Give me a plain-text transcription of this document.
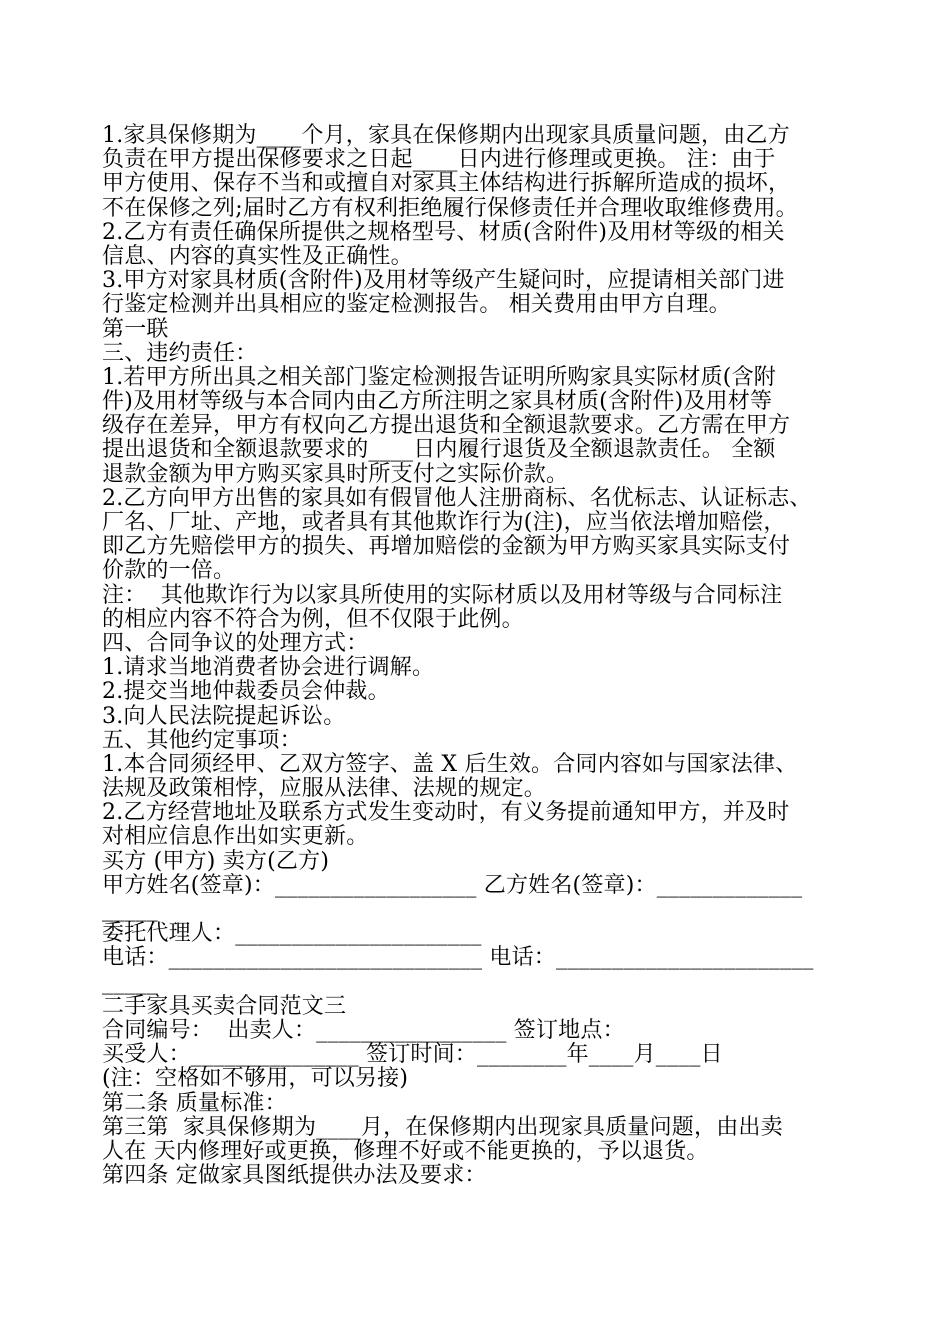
1.家具保修期为____个月，家具在保修期内出现家具质量问题，由乙方
负责在甲方提出保修要求之日起____日内进行修理或更换。 注：由于
甲方使用、保存不当和或擅自对家具主体结构进行拆解所造成的损坏，
不在保修之列;届时乙方有权利拒绝履行保修责任并合理收取维修费用。
2.乙方有责任确保所提供之规格型号、材质(含附件)及用材等级的相关
信息、内容的真实性及正确性。
3.甲方对家具材质(含附件)及用材等级产生疑问时，应提请相关部门进
行鉴定检测并出具相应的鉴定检测报告。 相关费用由甲方自理。
第一联
三、违约责任：
1.若甲方所出具之相关部门鉴定检测报告证明所购家具实际材质(含附
件)及用材等级与本合同内由乙方所注明之家具材质(含附件)及用材等
级存在差异，甲方有权向乙方提出退货和全额退款要求。乙方需在甲方
提出退货和全额退款要求的____日内履行退货及全额退款责任。 全额
退款金额为甲方购买家具时所支付之实际价款。
2.乙方向甲方出售的家具如有假冒他人注册商标、名优标志、认证标志、
厂名、厂址、产地，或者具有其他欺诈行为(注)，应当依法增加赔偿，
即乙方先赔偿甲方的损失、再增加赔偿的金额为甲方购买家具实际支付
价款的一倍。
注：  其他欺诈行为以家具所使用的实际材质以及用材等级与合同标注
的相应内容不符合为例，但不仅限于此例。
四、合同争议的处理方式：
1.请求当地消费者协会进行调解。
2.提交当地仲裁委员会仲裁。
3.向人民法院提起诉讼。
五、其他约定事项：
1.本合同须经甲、乙双方签字、盖 X 后生效。合同内容如与国家法律、
法规及政策相悖，应服从法律、法规的规定。
2.乙方经营地址及联系方式发生变动时，有义务提前通知甲方，并及时
对相应信息作出如实更新。
买方 (甲方) 卖方(乙方)
甲方姓名(签章)：__________________ 乙方姓名(签章)：_____________
_____
委托代理人：______________________
电话：____________________________ 电话：_______________________
_____
二手家具买卖合同范文三
合同编号：  出卖人：_________________ 签订地点：
买受人：_______________ 签订时间：________年____月____日
(注：空格如不够用，可以另接)
第二条 质量标准：
第三第  家具保修期为____月，在保修期内出现家具质量问题，由出卖
人在 天内修理好或更换，修理不好或不能更换的，予以退货。
第四条 定做家具图纸提供办法及要求：
